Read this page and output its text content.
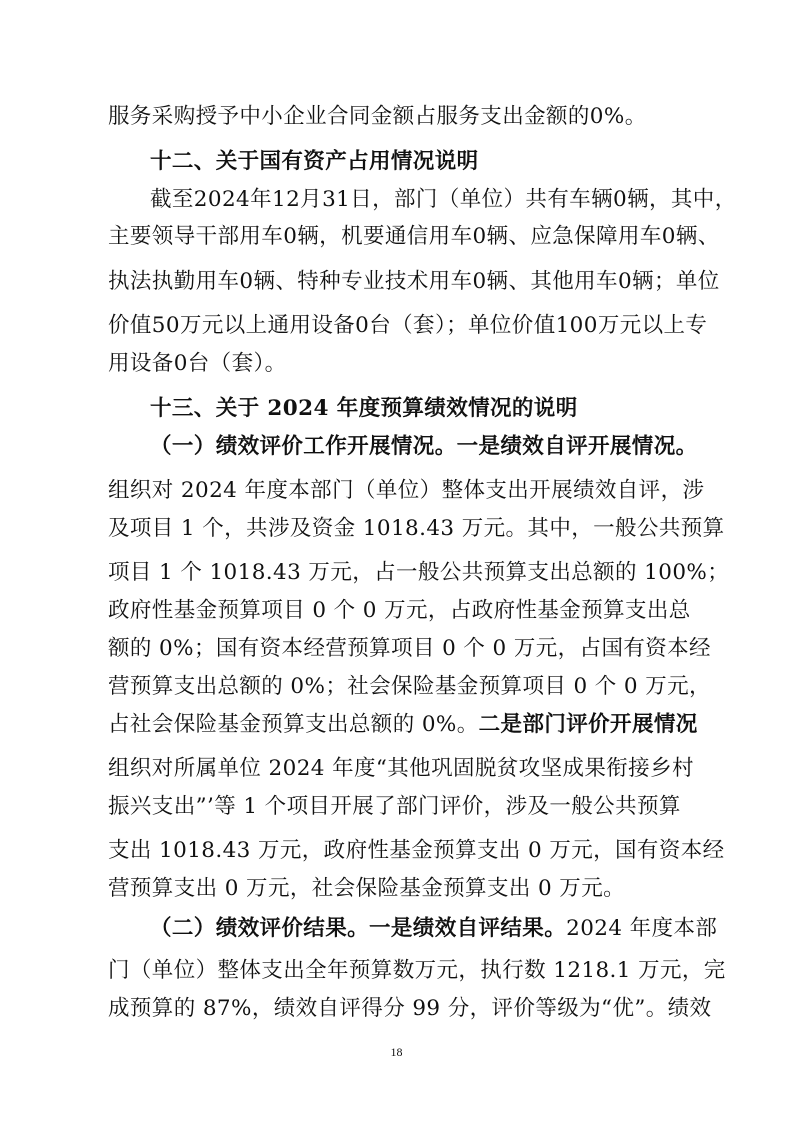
服务采购授予中小企业合同金额占服务支出金额的0%。
十二、关于国有资产占用情况说明
截至2024年12月31日，部门（单位）共有车辆0辆，其中，
主要领导干部用车0辆，机要通信用车0辆、应急保障用车0辆、
执法执勤用车0辆、特种专业技术用车0辆、其他用车0辆；单位
价值50万元以上通用设备0台（套）；单位价值100万元以上专
用设备0台（套）。
十三、关于 2024 年度预算绩效情况的说明
（一）绩效评价工作开展情况。一是绩效自评开展情况。
组织对 2024 年度本部门（单位）整体支出开展绩效自评，涉
及项目 1 个，共涉及资金 1018.43 万元。其中，一般公共预算
项目 1 个 1018.43 万元，占一般公共预算支出总额的 100%；
政府性基金预算项目 0 个 0 万元，占政府性基金预算支出总
额的 0%；国有资本经营预算项目 0 个 0 万元，占国有资本经
营预算支出总额的 0%；社会保险基金预算项目 0 个 0 万元，
占社会保险基金预算支出总额的 0%。二是部门评价开展情况
组织对所属单位 2024 年度“其他巩固脱贫攻坚成果衔接乡村
振兴支出”’等 1 个项目开展了部门评价，涉及一般公共预算
支出 1018.43 万元，政府性基金预算支出 0 万元，国有资本经
营预算支出 0 万元，社会保险基金预算支出 0 万元。
（二）绩效评价结果。一是绩效自评结果。2024 年度本部
门（单位）整体支出全年预算数万元，执行数 1218.1 万元，完
成预算的 87%，绩效自评得分 99 分，评价等级为“优”。绩效
18
